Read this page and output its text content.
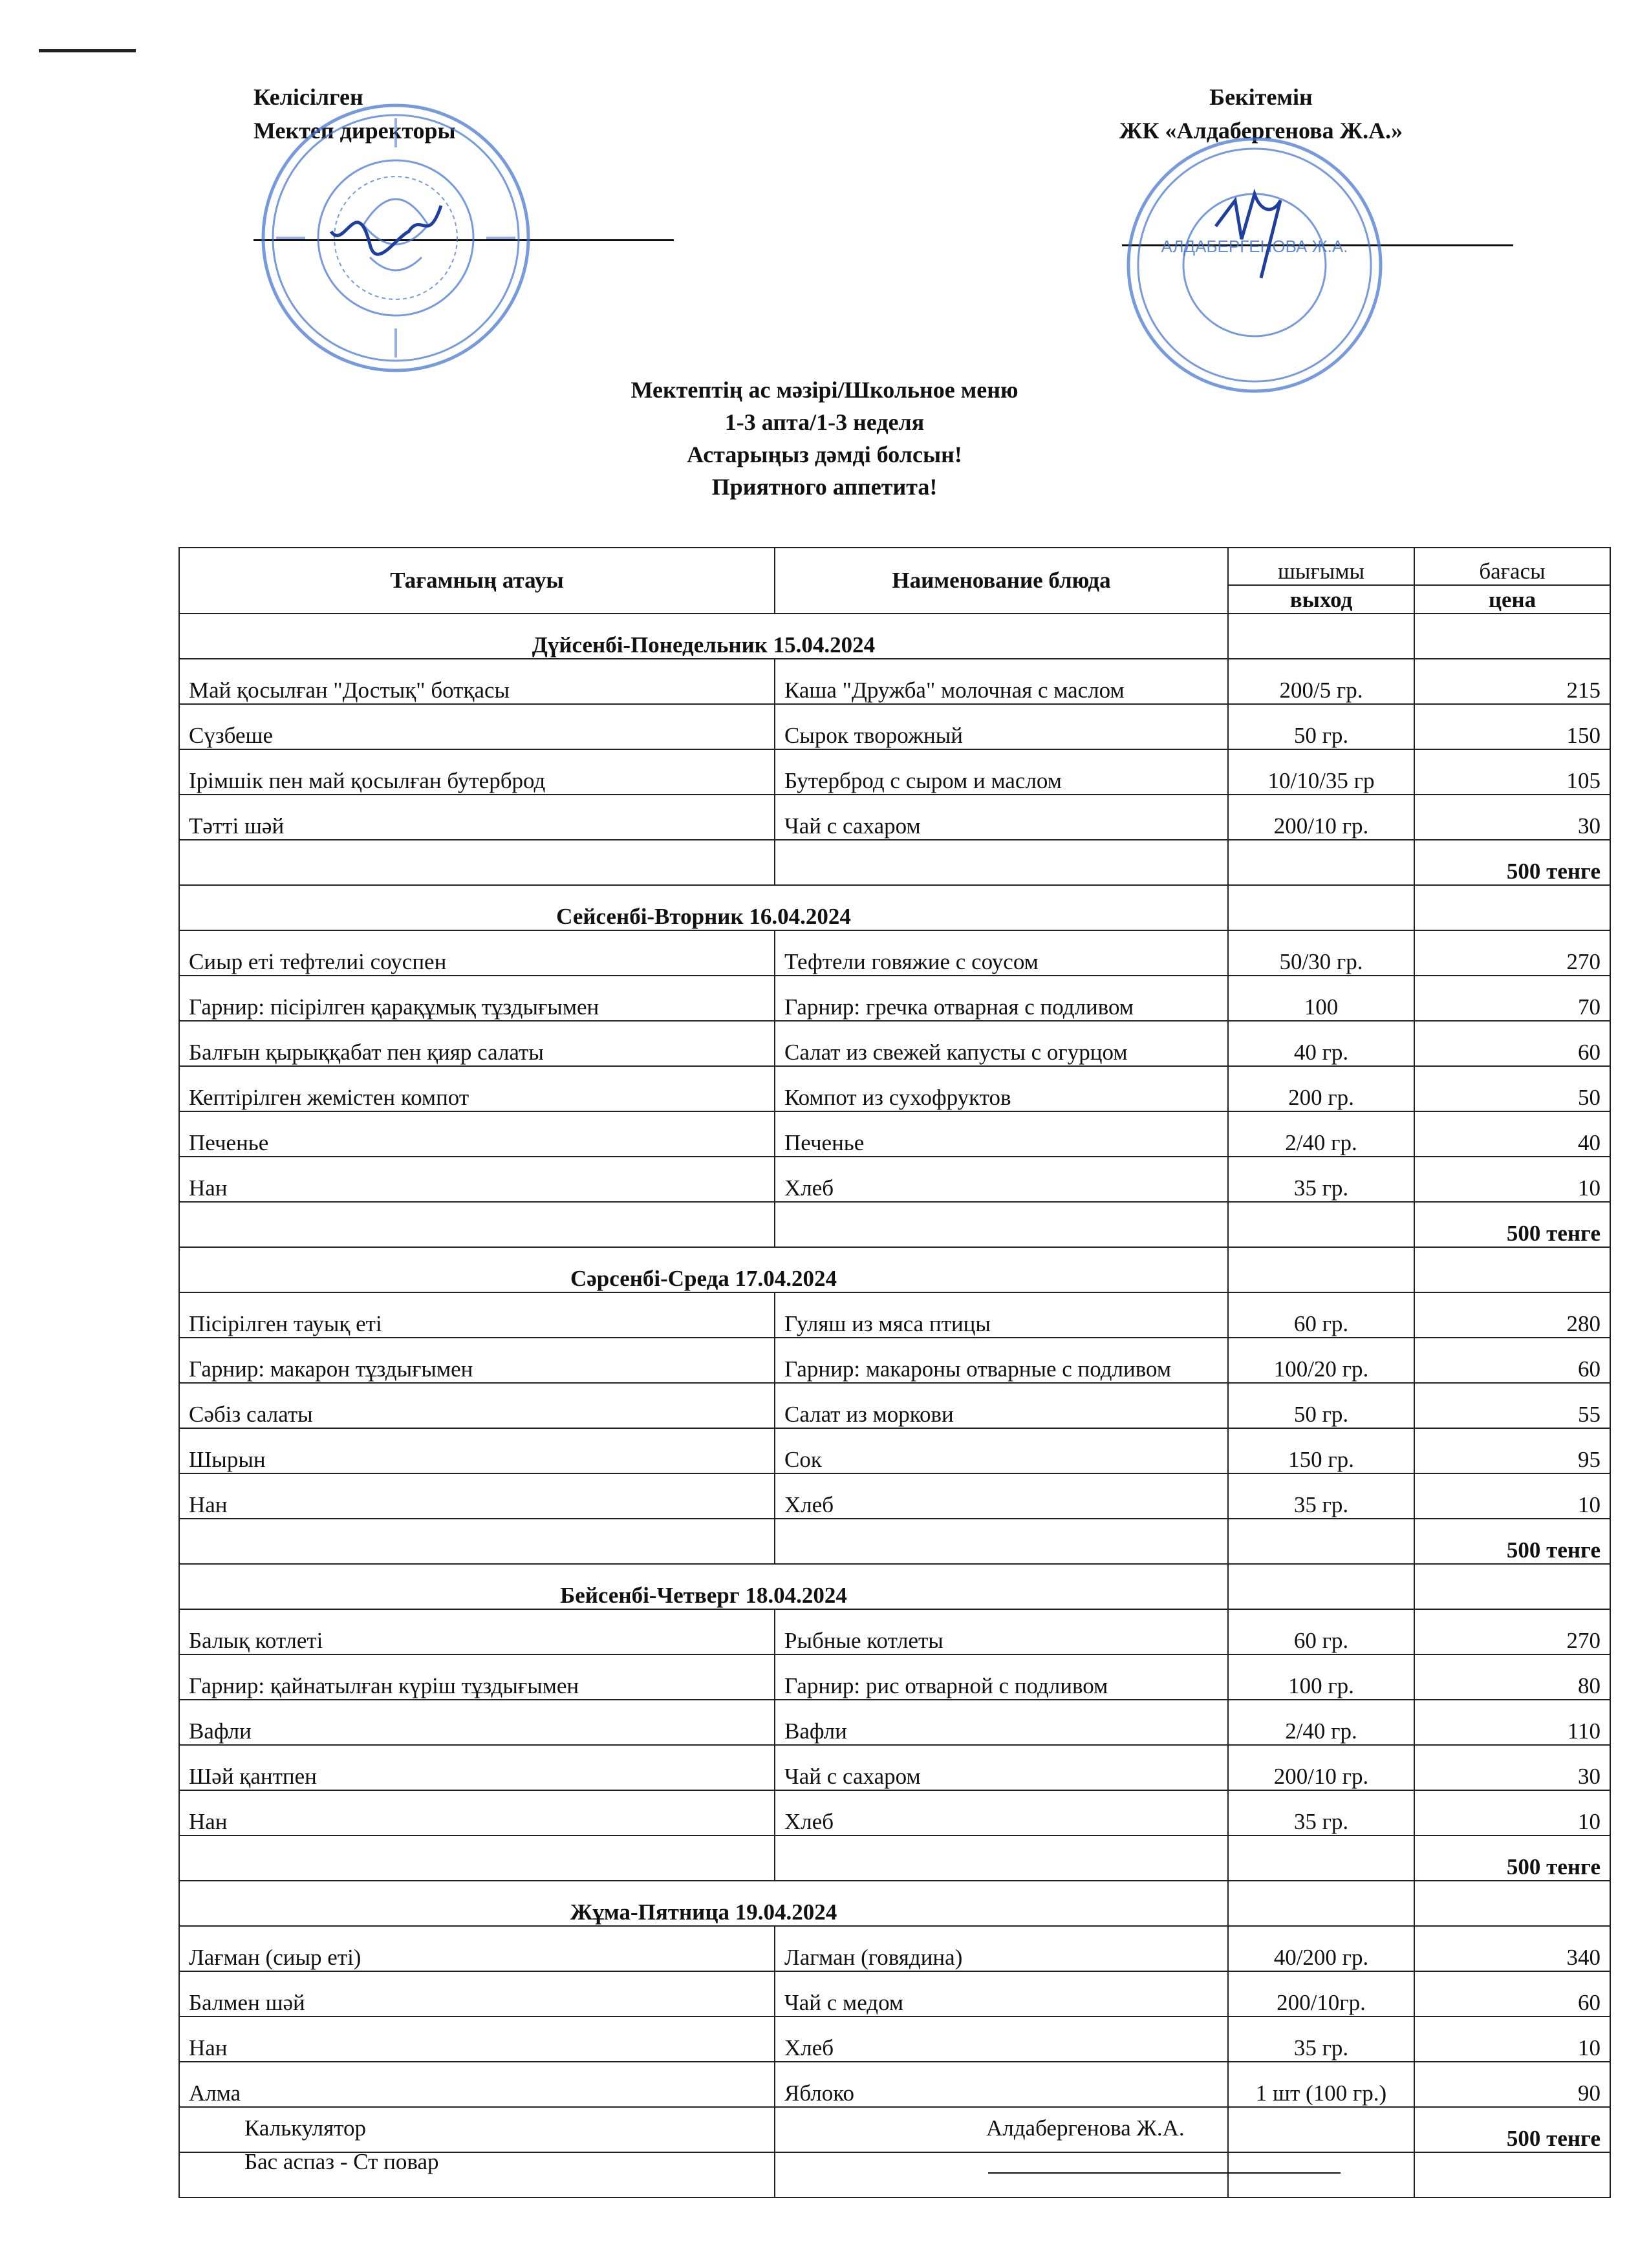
Келісілген
Мектеп директоры
Бекітемін
ЖК «Алдабергенова Ж.А.»
АЛДАБЕРГЕНОВА Ж.А.
Мектептің ас мәзірі/Школьное меню
1-3 апта/1-3 неделя
Астарыңыз дәмді болсын!
Приятного аппетита!
Тағамның атауы	Наименование блюда	шығымы	бағасы
		выход	цена
Дүйсенбі-Понедельник 15.04.2024			
Май қосылған "Достық" ботқасы	Каша "Дружба" молочная с маслом	200/5 гр.	215
Сүзбеше	Сырок творожный	50 гр.	150
Ірімшік пен май қосылған бутерброд	Бутерброд с сыром и маслом	10/10/35 гр	105
Тәтті шәй	Чай с сахаром	200/10 гр.	30
			500 тенге
Сейсенбі-Вторник 16.04.2024			
Сиыр еті тефтелиі соуспен	Тефтели говяжие с соусом	50/30 гр.	270
Гарнир: пісірілген қарақұмық тұздығымен	Гарнир: гречка отварная с подливом	100	70
Балғын қырыққабат пен қияр салаты	Салат из свежей капусты с огурцом	40 гр.	60
Кептірілген жемістен компот	Компот из сухофруктов	200 гр.	50
Печенье	Печенье	2/40 гр.	40
Нан	Хлеб	35 гр.	10
			500 тенге
Сәрсенбі-Среда 17.04.2024			
Пісірілген тауық еті	Гуляш из мяса птицы	60 гр.	280
Гарнир: макарон тұздығымен	Гарнир: макароны отварные с подливом	100/20 гр.	60
Сәбіз салаты	Салат из моркови	50 гр.	55
Шырын	Сок	150 гр.	95
Нан	Хлеб	35 гр.	10
			500 тенге
Бейсенбі-Четверг 18.04.2024			
Балық котлеті	Рыбные котлеты	60 гр.	270
Гарнир: қайнатылған күріш тұздығымен	Гарнир: рис отварной с подливом	100 гр.	80
Вафли	Вафли	2/40 гр.	110
Шәй қантпен	Чай с сахаром	200/10 гр.	30
Нан	Хлеб	35 гр.	10
			500 тенге
Жұма-Пятница 19.04.2024			
Лағман (сиыр еті)	Лагман (говядина)	40/200 гр.	340
Балмен шәй	Чай с медом	200/10гр.	60
Нан	Хлеб	35 гр.	10
Алма	Яблоко	1 шт (100 гр.)	90
			500 тенге

Калькулятор
Бас аспаз - Ст повар
Алдабергенова Ж.А.
